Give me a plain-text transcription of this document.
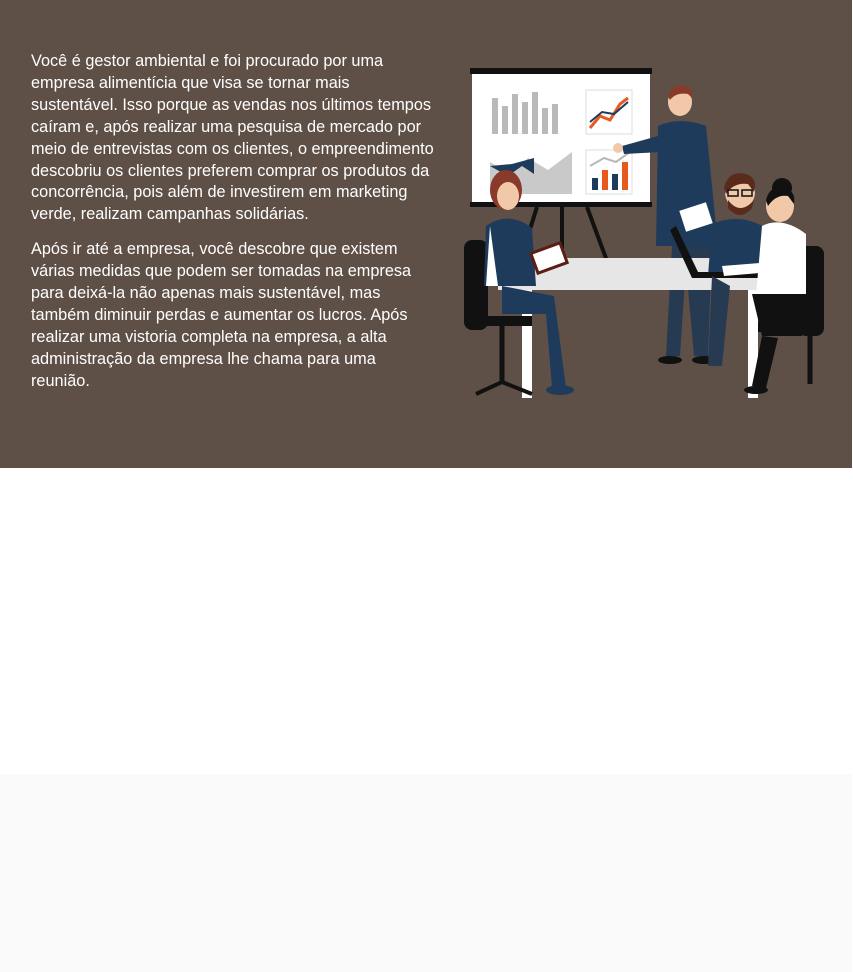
Você é gestor ambiental e foi procurado por uma empresa alimentícia que visa se tornar mais sustentável. Isso porque as vendas nos últimos tempos caíram e, após realizar uma pesquisa de mercado por meio de entrevistas com os clientes, o empreendimento descobriu os clientes preferem comprar os produtos da concorrência, pois além de investirem em marketing verde, realizam campanhas solidárias.

Após ir até a empresa, você descobre que existem várias medidas que podem ser tomadas na empresa para deixá-la não apenas mais sustentável, mas também diminuir perdas e aumentar os lucros. Após realizar uma vistoria completa na empresa, a alta administração da empresa lhe chama para uma reunião.
